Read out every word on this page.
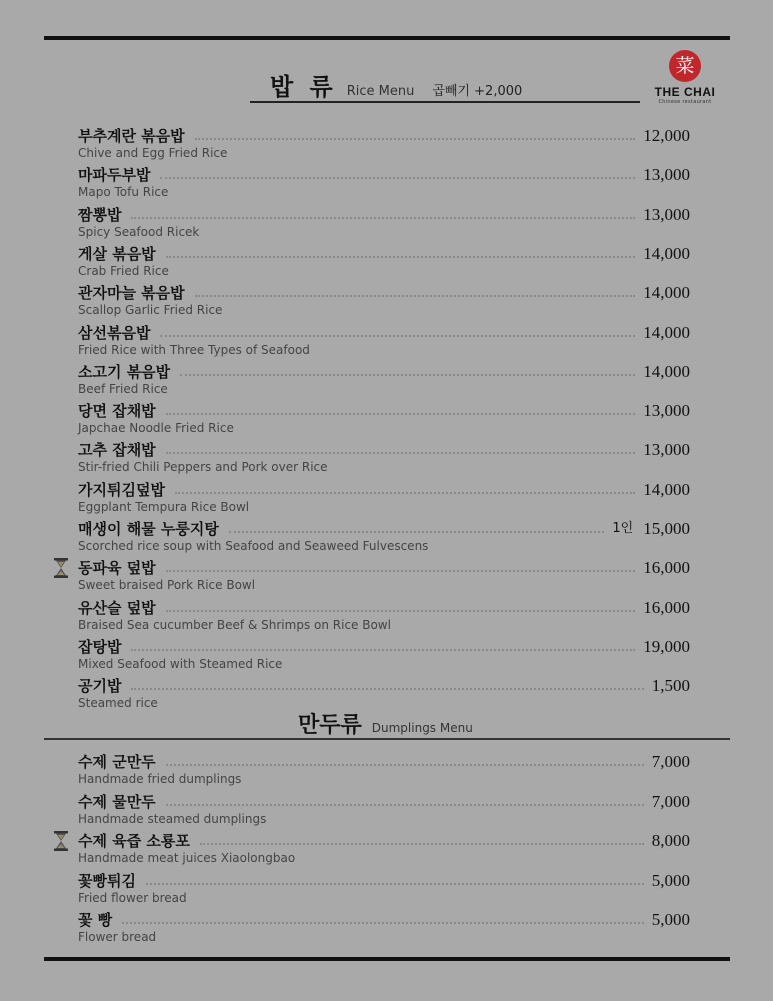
밥 류 Rice Menu 곱빼기 +2,000
菜
THE CHAI
Chinese restaurant
부추계란 볶음밥	12,000
Chive and Egg Fried Rice
마파두부밥	13,000
Mapo Tofu Rice
짬뽕밥	13,000
Spicy Seafood Ricek
게살 볶음밥	14,000
Crab Fried Rice
관자마늘 볶음밥	14,000
Scallop Garlic Fried Rice
삼선볶음밥	14,000
Fried Rice with Three Types of Seafood
소고기 볶음밥	14,000
Beef Fried Rice
당면 잡채밥	13,000
Japchae Noodle Fried Rice
고추 잡채밥	13,000
Stir-fried Chili Peppers and Pork over Rice
가지튀김덮밥	14,000
Eggplant Tempura Rice Bowl
매생이 해물 누룽지탕	1인 15,000
Scorched rice soup with Seafood and Seaweed Fulvescens
동파육 덮밥	16,000
Sweet braised Pork Rice Bowl
유산슬 덮밥	16,000
Braised Sea cucumber Beef & Shrimps on Rice Bowl
잡탕밥	19,000
Mixed Seafood with Steamed Rice
공기밥	1,500
Steamed rice
만두류 Dumplings Menu
수제 군만두	7,000
Handmade fried dumplings
수제 물만두	7,000
Handmade steamed dumplings
수제 육즙 소룡포	8,000
Handmade meat juices Xiaolongbao
꽃빵튀김	5,000
Fried flower bread
꽃 빵	5,000
Flower bread
